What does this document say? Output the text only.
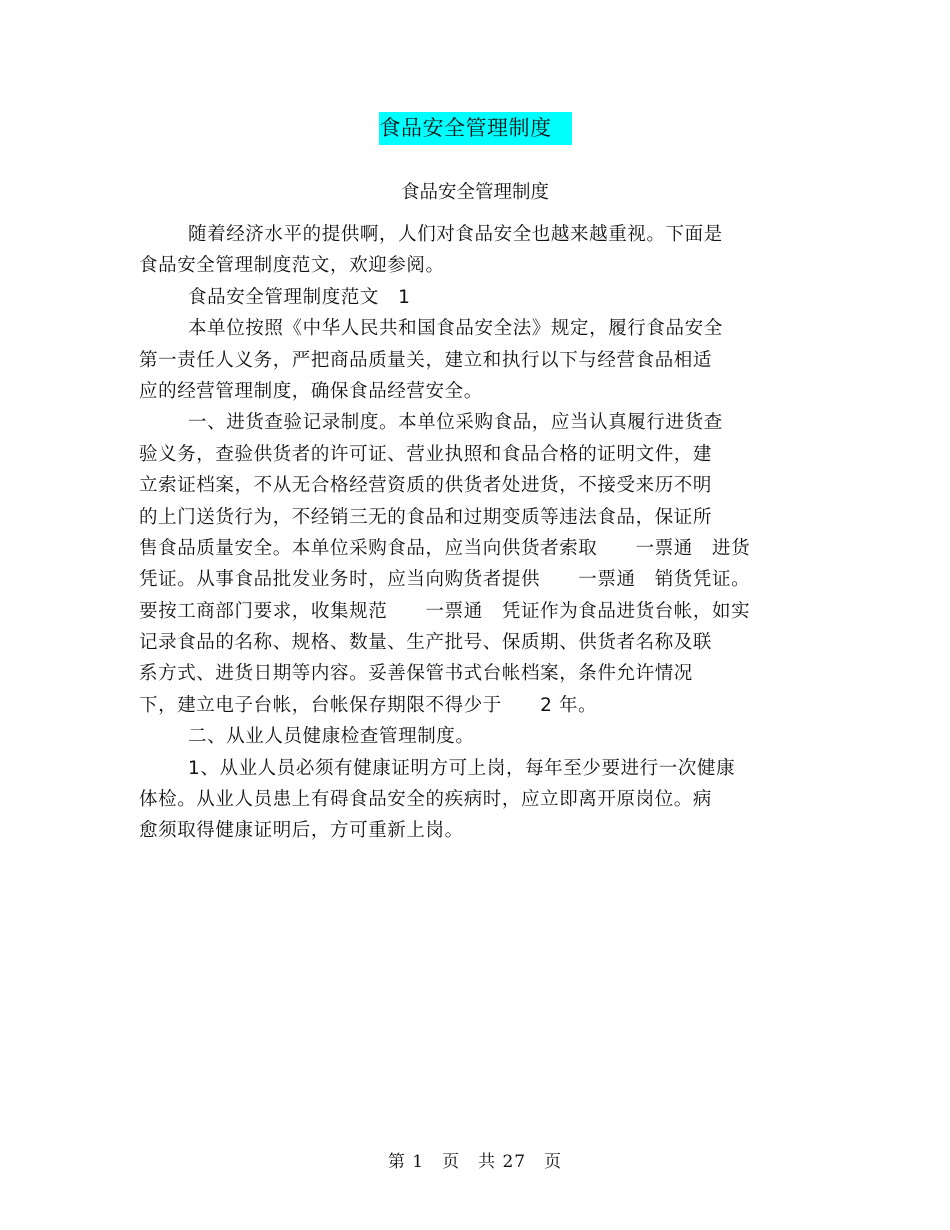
食品安全管理制度
食品安全管理制度
随着经济水平的提供啊，人们对食品安全也越来越重视。下面是
食品安全管理制度范文，欢迎参阅。
食品安全管理制度范文　1
本单位按照《中华人民共和国食品安全法》规定，履行食品安全
第一责任人义务，严把商品质量关，建立和执行以下与经营食品相适
应的经营管理制度，确保食品经营安全。
一、进货查验记录制度。本单位采购食品，应当认真履行进货查
验义务，查验供货者的许可证、营业执照和食品合格的证明文件，建
立索证档案，不从无合格经营资质的供货者处进货，不接受来历不明
的上门送货行为，不经销三无的食品和过期变质等违法食品，保证所
售食品质量安全。本单位采购食品，应当向供货者索取　　一票通　进货
凭证。从事食品批发业务时，应当向购货者提供　　一票通　销货凭证。
要按工商部门要求，收集规范　　一票通　凭证作为食品进货台帐，如实
记录食品的名称、规格、数量、生产批号、保质期、供货者名称及联
系方式、进货日期等内容。妥善保管书式台帐档案，条件允许情况
下，建立电子台帐，台帐保存期限不得少于　　2 年。
二、从业人员健康检查管理制度。
1、从业人员必须有健康证明方可上岗，每年至少要进行一次健康
体检。从业人员患上有碍食品安全的疾病时，应立即离开原岗位。病
愈须取得健康证明后，方可重新上岗。
第 1　页　共 27　页
